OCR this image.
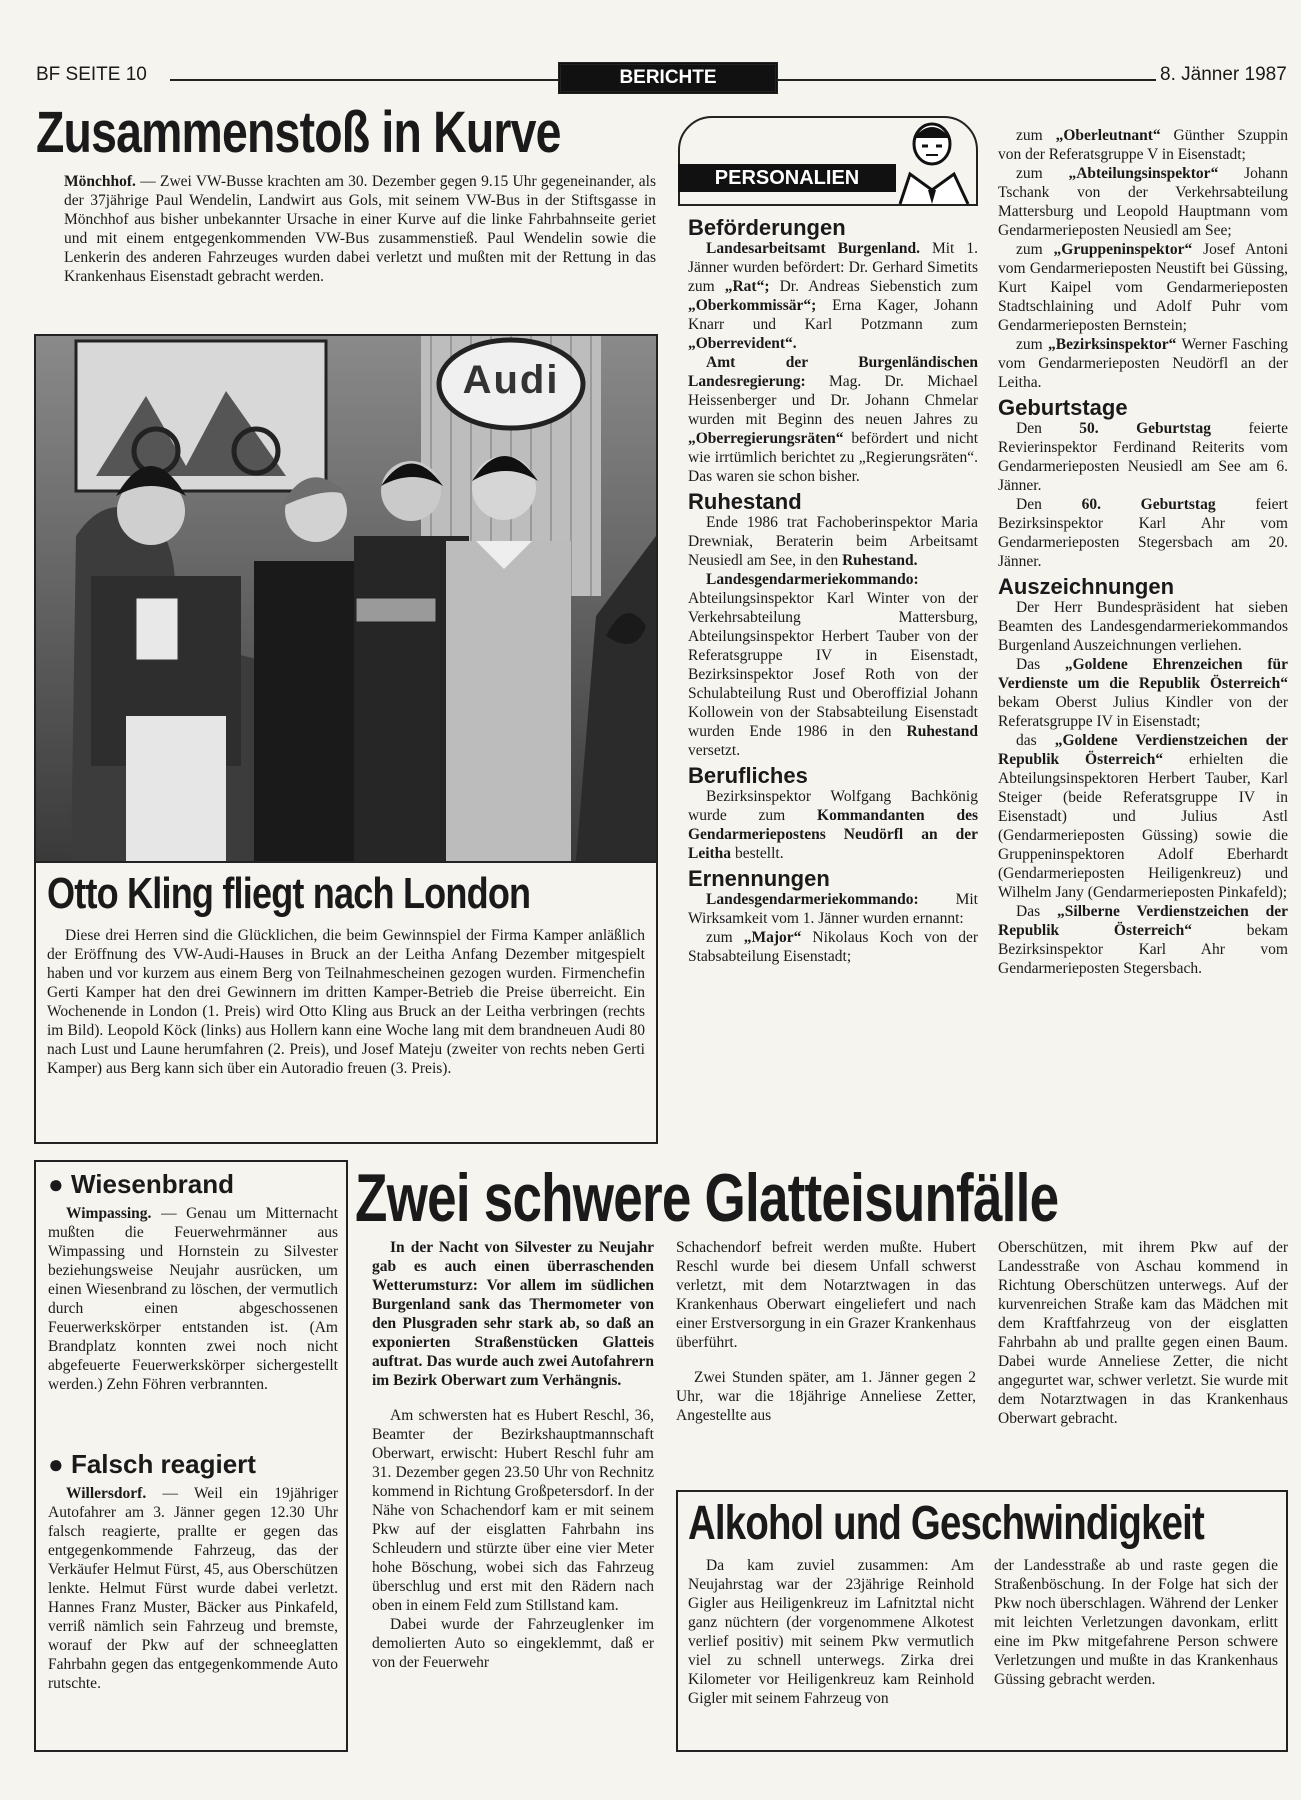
BF SEITE 10	BERICHTE	8. Jänner 1987
Zusammenstoß in Kurve
Mönchhof. — Zwei VW-Busse krachten am 30. Dezember gegen 9.15 Uhr gegeneinander, als der 37jährige Paul Wendelin, Landwirt aus Gols, mit seinem VW-Bus in der Stiftsgasse in Mönchhof aus bisher unbekannter Ursache in einer Kurve auf die linke Fahrbahnseite geriet und mit einem entgegenkommenden VW-Bus zusammenstieß. Paul Wendelin sowie die Lenkerin des anderen Fahrzeuges wurden dabei verletzt und mußten mit der Rettung in das Krankenhaus Eisenstadt gebracht werden.
Audi
Otto Kling fliegt nach London
Diese drei Herren sind die Glücklichen, die beim Gewinnspiel der Firma Kamper anläßlich der Eröffnung des VW-Audi-Hauses in Bruck an der Leitha Anfang Dezember mitgespielt haben und vor kurzem aus einem Berg von Teilnahmescheinen gezogen wurden. Firmenchefin Gerti Kamper hat den drei Gewinnern im dritten Kamper-Betrieb die Preise überreicht. Ein Wochenende in London (1. Preis) wird Otto Kling aus Bruck an der Leitha verbringen (rechts im Bild). Leopold Köck (links) aus Hollern kann eine Woche lang mit dem brandneuen Audi 80 nach Lust und Laune herumfahren (2. Preis), und Josef Mateju (zweiter von rechts neben Gerti Kamper) aus Berg kann sich über ein Autoradio freuen (3. Preis).
PERSONALIEN
Beförderungen

Landesarbeitsamt Burgenland. Mit 1. Jänner wurden befördert: Dr. Gerhard Simetits zum „Rat“; Dr. Andreas Siebenstich zum „Oberkommissär“; Erna Kager, Johann Knarr und Karl Potzmann zum „Oberrevident“.

Amt der Burgenländischen Landesregierung: Mag. Dr. Michael Heissenberger und Dr. Johann Chmelar wurden mit Beginn des neuen Jahres zu „Oberregierungsräten“ befördert und nicht wie irrtümlich berichtet zu „Regierungsräten“. Das waren sie schon bisher.

Ruhestand

Ende 1986 trat Fachoberinspektor Maria Drewniak, Beraterin beim Arbeitsamt Neusiedl am See, in den Ruhestand.

Landesgendarmeriekommando: Abteilungsinspektor Karl Winter von der Verkehrsabteilung Mattersburg, Abteilungsinspektor Herbert Tauber von der Referatsgruppe IV in Eisenstadt, Bezirksinspektor Josef Roth von der Schulabteilung Rust und Oberoffizial Johann Kollowein von der Stabsabteilung Eisenstadt wurden Ende 1986 in den Ruhestand versetzt.

Berufliches

Bezirksinspektor Wolfgang Bachkönig wurde zum Kommandanten des Gendarmeriepostens Neudörfl an der Leitha bestellt.

Ernennungen

Landesgendarmeriekommando: Mit Wirksamkeit vom 1. Jänner wurden ernannt:

zum „Major“ Nikolaus Koch von der Stabsabteilung Eisenstadt;

zum „Oberleutnant“ Günther Szuppin von der Referatsgruppe V in Eisenstadt;

zum „Abteilungsinspektor“ Johann Tschank von der Verkehrsabteilung Mattersburg und Leopold Hauptmann vom Gendarmerieposten Neusiedl am See;

zum „Gruppeninspektor“ Josef Antoni vom Gendarmerieposten Neustift bei Güssing, Kurt Kaipel vom Gendarmerieposten Stadtschlaining und Adolf Puhr vom Gendarmerieposten Bernstein;

zum „Bezirksinspektor“ Werner Fasching vom Gendarmerieposten Neudörfl an der Leitha.

Geburtstage

Den 50. Geburtstag feierte Revierinspektor Ferdinand Reiterits vom Gendarmerieposten Neusiedl am See am 6. Jänner.

Den	60. Geburtstag	feiert Bezirksinspektor Karl Ahr vom Gendarmerieposten Stegersbach am 20. Jänner.

Auszeichnungen

Der Herr Bundespräsident hat sieben Beamten des Landesgendarmeriekommandos Burgenland Auszeichnungen verliehen.

Das „Goldene Ehrenzeichen für Verdienste um die Republik Österreich“ bekam Oberst Julius Kindler von der Referatsgruppe IV in Eisenstadt;

das „Goldene Verdienstzeichen der Republik Österreich“ erhielten die Abteilungsinspektoren Herbert Tauber, Karl Steiger (beide Referatsgruppe IV in Eisenstadt) und Julius Astl (Gendarmerieposten Güssing) sowie die Gruppeninspektoren Adolf Eberhardt (Gendarmerieposten Heiligenkreuz) und Wilhelm Jany (Gendarmerieposten Pinkafeld);

Das „Silberne Verdienstzeichen der Republik Österreich“	bekam Bezirksinspektor Karl Ahr vom Gendarmerieposten Stegersbach.

● Wiesenbrand
Wimpassing. — Genau um Mitternacht mußten die Feuerwehrmänner aus Wimpassing und Hornstein zu Silvester beziehungsweise Neujahr ausrücken, um einen Wiesenbrand zu löschen, der vermutlich durch einen abgeschossenen Feuerwerkskörper entstanden ist. (Am Brandplatz konnten zwei noch nicht abgefeuerte Feuerwerkskörper sichergestellt werden.) Zehn Föhren verbrannten.
● Falsch reagiert
Willersdorf. — Weil ein 19jähriger Autofahrer am 3. Jänner gegen 12.30 Uhr falsch reagierte, prallte er gegen das entgegenkommende Fahrzeug, das der Verkäufer Helmut Fürst, 45, aus Oberschützen lenkte. Helmut Fürst wurde dabei verletzt. Hannes Franz Muster, Bäcker aus Pinkafeld, verriß nämlich sein Fahrzeug und bremste, worauf der Pkw auf der schneeglatten Fahrbahn gegen das entgegenkommende Auto rutschte.
Zwei schwere Glatteisunfälle

In der Nacht von Silvester zu Neujahr gab es auch einen überraschenden Wetterumsturz: Vor allem im südlichen Burgenland sank das Thermometer von den Plusgraden sehr stark ab, so daß an exponierten Straßenstücken Glatteis auftrat. Das wurde auch zwei Autofahrern im Bezirk Oberwart zum Verhängnis.

Am schwersten hat es Hubert Reschl, 36, Beamter der Bezirkshauptmannschaft Oberwart, erwischt: Hubert Reschl fuhr am 31. Dezember gegen 23.50 Uhr von Rechnitz kommend in Richtung Großpetersdorf. In der Nähe von Schachendorf kam er mit seinem Pkw auf der eisglatten Fahrbahn ins Schleudern und stürzte über eine vier Meter hohe Böschung, wobei sich das Fahrzeug überschlug und erst mit den Rädern nach oben in einem Feld zum Stillstand kam.

Dabei wurde der Fahrzeuglenker im demolierten Auto so eingeklemmt, daß er von der Feuerwehr

Schachendorf befreit werden mußte. Hubert Reschl wurde bei diesem Unfall schwerst verletzt, mit dem Notarztwagen in das Krankenhaus Oberwart eingeliefert und nach einer Erstversorgung in ein Grazer Krankenhaus überführt.

Zwei Stunden später, am 1. Jänner gegen 2 Uhr, war die 18jährige Anneliese Zetter, Angestellte aus

Oberschützen, mit ihrem Pkw auf der Landesstraße von Aschau kommend in Richtung Oberschützen unterwegs. Auf der kurvenreichen Straße kam das Mädchen mit dem Kraftfahrzeug von der eisglatten Fahrbahn ab und prallte gegen einen Baum. Dabei wurde Anneliese Zetter, die nicht angegurtet war, schwer verletzt. Sie wurde mit dem Notarztwagen in das Krankenhaus Oberwart gebracht.

Alkohol und Geschwindigkeit
Da kam zuviel zusammen: Am Neujahrstag war der 23jährige Reinhold Gigler aus Heiligenkreuz im Lafnitztal nicht ganz nüchtern (der vorgenommene Alkotest verlief positiv) mit seinem Pkw vermutlich viel zu schnell unterwegs. Zirka drei Kilometer vor Heiligenkreuz kam Reinhold Gigler mit seinem Fahrzeug von
der Landesstraße ab und raste gegen die Straßenböschung. In der Folge hat sich der Pkw noch überschlagen. Während der Lenker mit leichten Verletzungen davonkam, erlitt eine im Pkw mitgefahrene Person schwere Verletzungen und mußte in das Krankenhaus Güssing gebracht werden.
